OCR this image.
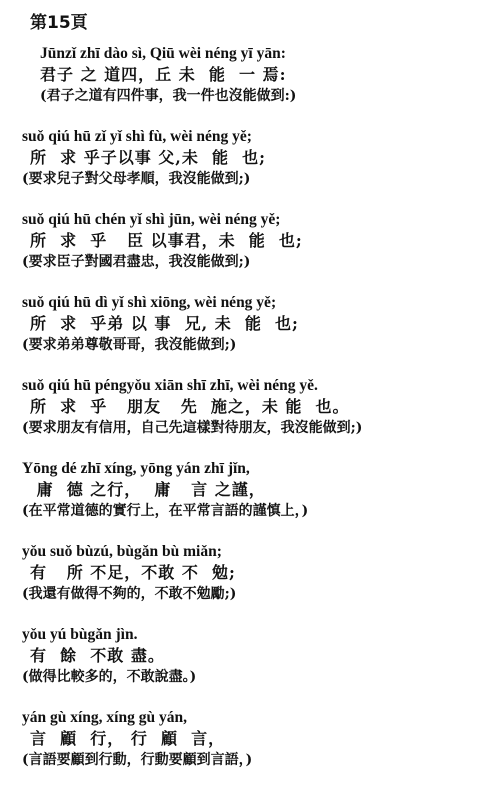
第15頁
Jūnzǐ zhī dào sì, Qiū wèi néng yī yān:
君子 之 道四，丘 未  能  一 焉:
(君子之道有四件事，我一件也沒能做到:)
suǒ qiú hū zǐ yǐ shì fù, wèi néng yě;
所  求 乎子以事 父,未  能  也;
(要求兒子對父母孝順，我沒能做到;)
suǒ qiú hū chén yǐ shì jūn, wèi néng yě;
所  求  乎   臣 以事君，未  能  也;
(要求臣子對國君盡忠，我沒能做到;)
suǒ qiú hū dì yǐ shì xiōng, wèi néng yě;
所  求  乎弟 以 事  兄, 未  能  也;
(要求弟弟尊敬哥哥，我沒能做到;)
suǒ qiú hū péngyǒu xiān shī zhī, wèi néng yě.
所  求  乎   朋友   先  施之，未 能  也。
(要求朋友有信用，自己先這樣對待朋友，我沒能做到;)
Yōng dé zhī xíng, yōng yán zhī jǐn,
庸  德 之行，  庸   言 之謹，
(在平常道德的實行上，在平常言語的謹慎上，)
yǒu suǒ bùzú, bùgǎn bù miǎn;
有   所 不足，不敢 不  勉;
(我還有做得不夠的，不敢不勉勵;)
yǒu yú bùgǎn jìn.
有  餘  不敢 盡。
(做得比較多的，不敢說盡。)
yán gù xíng, xíng gù yán,
言  顧  行， 行  顧  言，
(言語要顧到行動，行動要顧到言語，)
